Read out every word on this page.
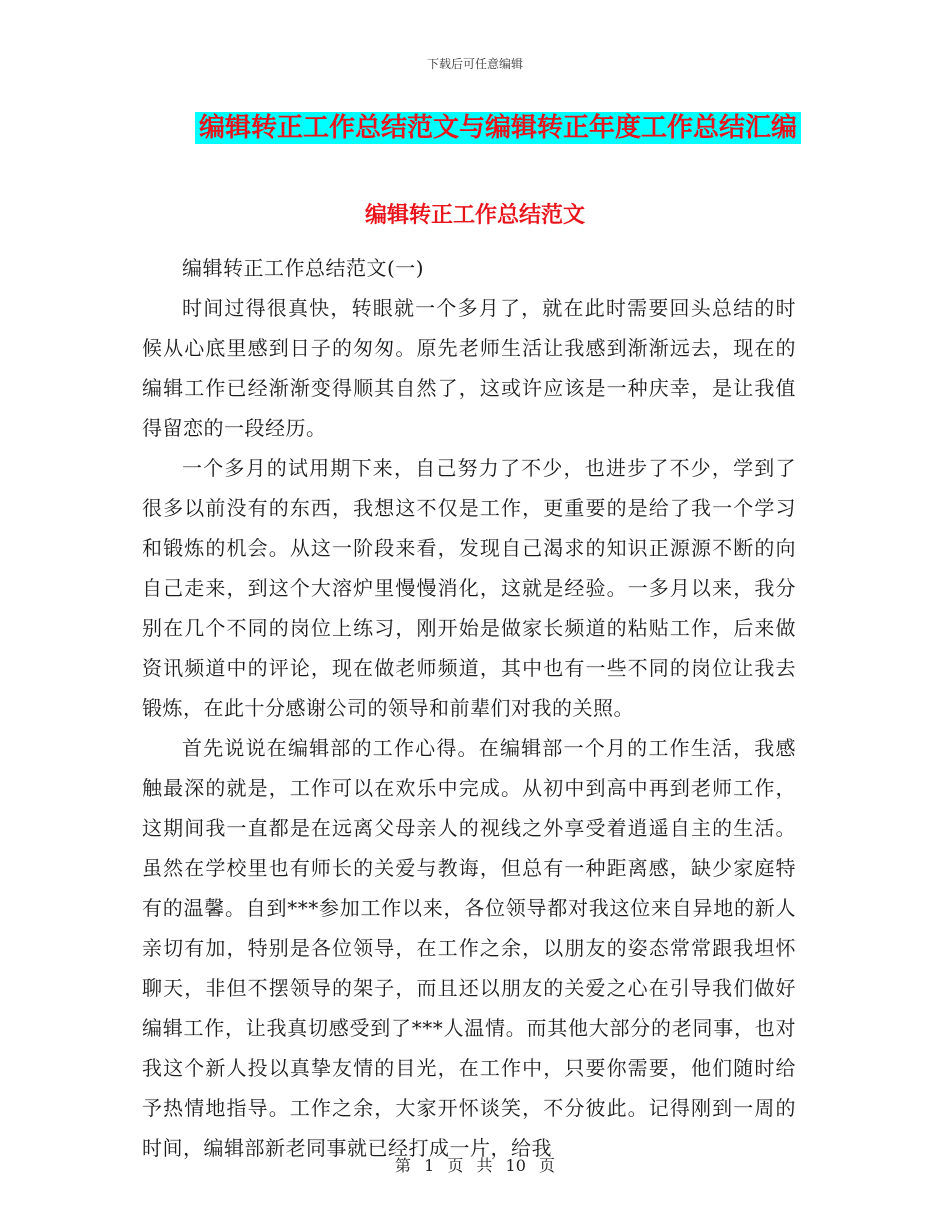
下载后可任意编辑
编辑转正工作总结范文与编辑转正年度工作总结汇编
编辑转正工作总结范文

编辑转正工作总结范文(一)

时间过得很真快，转眼就一个多月了，就在此时需要回头总结的时候从心底里感到日子的匆匆。原先老师生活让我感到渐渐远去，现在的编辑工作已经渐渐变得顺其自然了，这或许应该是一种庆幸，是让我值得留恋的一段经历。

一个多月的试用期下来，自己努力了不少，也进步了不少，学到了很多以前没有的东西，我想这不仅是工作，更重要的是给了我一个学习和锻炼的机会。从这一阶段来看，发现自己渴求的知识正源源不断的向自己走来，到这个大溶炉里慢慢消化，这就是经验。一多月以来，我分别在几个不同的岗位上练习，刚开始是做家长频道的粘贴工作，后来做资讯频道中的评论，现在做老师频道，其中也有一些不同的岗位让我去锻炼，在此十分感谢公司的领导和前辈们对我的关照。

首先说说在编辑部的工作心得。在编辑部一个月的工作生活，我感触最深的就是，工作可以在欢乐中完成。从初中到高中再到老师工作，这期间我一直都是在远离父母亲人的视线之外享受着逍遥自主的生活。虽然在学校里也有师长的关爱与教诲，但总有一种距离感，缺少家庭特有的温馨。自到***参加工作以来，各位领导都对我这位来自异地的新人亲切有加，特别是各位领导，在工作之余，以朋友的姿态常常跟我坦怀聊天，非但不摆领导的架子，而且还以朋友的关爱之心在引导我们做好编辑工作，让我真切感受到了***人温情。而其他大部分的老同事，也对我这个新人投以真挚友情的目光，在工作中，只要你需要，他们随时给予热情地指导。工作之余，大家开怀谈笑，不分彼此。记得刚到一周的时间，编辑部新老同事就已经打成一片，给我

第 1 页 共 10 页
